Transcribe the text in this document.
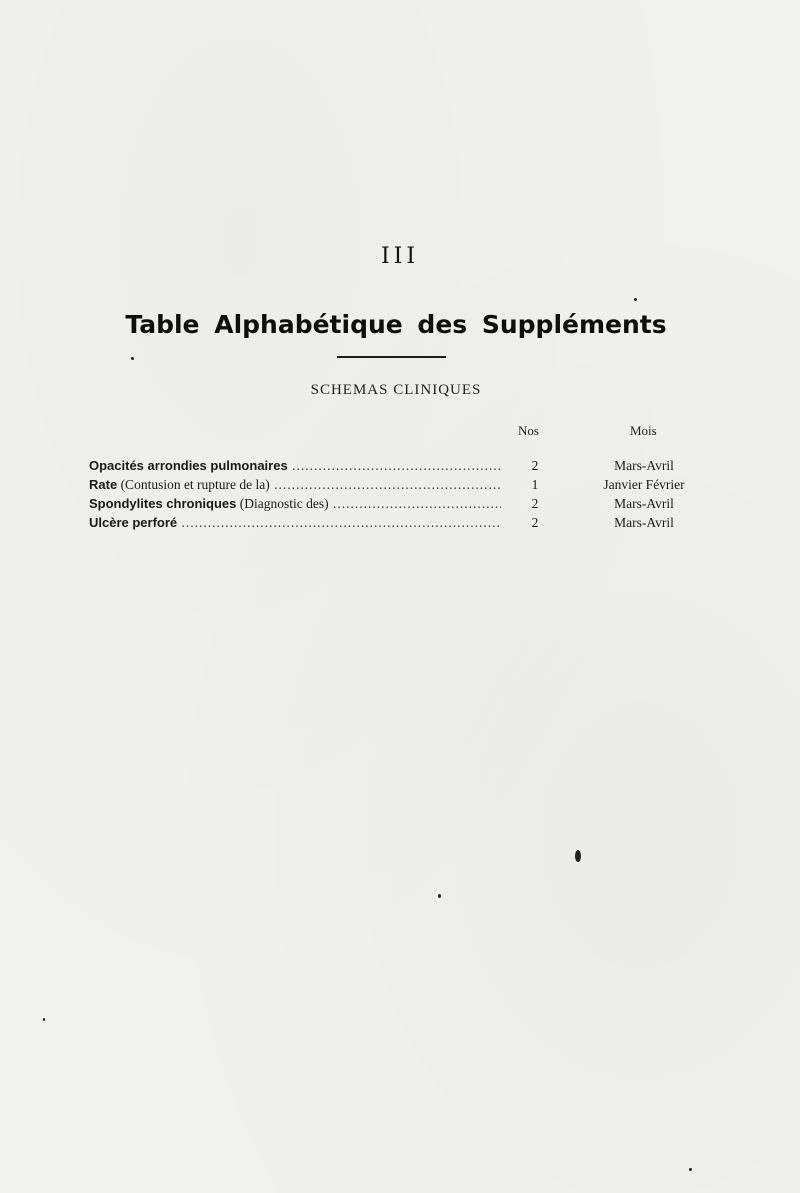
III
Table Alphabétique des Suppléments
SCHEMAS CLINIQUES
Nos	Mois
Opacités arrondies pulmonaires .....	2	Mars-Avril
Rate (Contusion et rupture de la) .....	1	Janvier Février
Spondylites chroniques (Diagnostic des) .....	2	Mars-Avril
Ulcère perforé .....	2	Mars-Avril
